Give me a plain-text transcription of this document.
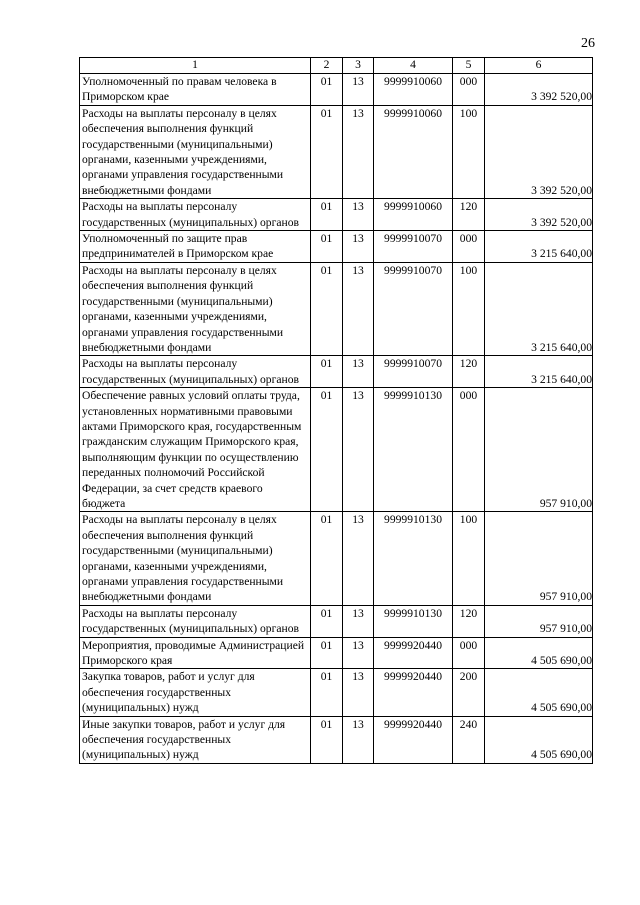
26
1	2	3	4	5	6
Уполномоченный по правам человека в Приморском крае	01	13	9999910060	000	3 392 520,00
Расходы на выплаты персоналу в целях обеспечения выполнения функций государственными (муниципальными) органами, казенными учреждениями, органами управления государственными внебюджетными фондами	01	13	9999910060	100	3 392 520,00
Расходы на выплаты персоналу государственных (муниципальных) органов	01	13	9999910060	120	3 392 520,00
Уполномоченный по защите прав предпринимателей в Приморском крае	01	13	9999910070	000	3 215 640,00
Расходы на выплаты персоналу в целях обеспечения выполнения функций государственными (муниципальными) органами, казенными учреждениями, органами управления государственными внебюджетными фондами	01	13	9999910070	100	3 215 640,00
Расходы на выплаты персоналу государственных (муниципальных) органов	01	13	9999910070	120	3 215 640,00
Обеспечение равных условий оплаты труда, установленных нормативными правовыми актами Приморского края, государственным гражданским служащим Приморского края, выполняющим функции по осуществлению переданных полномочий Российской Федерации, за счет средств краевого бюджета	01	13	9999910130	000	957 910,00
Расходы на выплаты персоналу в целях обеспечения выполнения функций государственными (муниципальными) органами, казенными учреждениями, органами управления государственными внебюджетными фондами	01	13	9999910130	100	957 910,00
Расходы на выплаты персоналу государственных (муниципальных) органов	01	13	9999910130	120	957 910,00
Мероприятия, проводимые Администрацией Приморского края	01	13	9999920440	000	4 505 690,00
Закупка товаров, работ и услуг для обеспечения государственных (муниципальных) нужд	01	13	9999920440	200	4 505 690,00
Иные закупки товаров, работ и услуг для обеспечения государственных (муниципальных) нужд	01	13	9999920440	240	4 505 690,00
